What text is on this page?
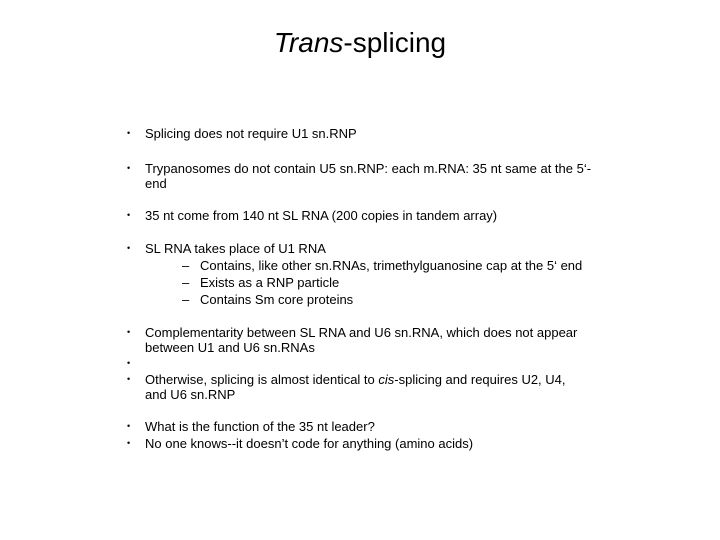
Trans-splicing
•	Splicing does not require U1 sn.RNP
•	Trypanosomes do not contain U5 sn.RNP: each m.RNA: 35 nt same at the 5‘-
end
•	35 nt come from 140 nt SL RNA (200 copies in tandem array)
•	SL RNA takes place of U1 RNA
– Contains, like other sn.RNAs, trimethylguanosine cap at the 5‘ end
– Exists as a RNP particle
– Contains Sm core proteins
•	Complementarity between SL RNA and U6 sn.RNA, which does not appear
between U1 and U6 sn.RNAs
•
•	Otherwise, splicing is almost identical to cis-splicing and requires U2, U4,
and U6 sn.RNP
•	What is the function of the 35 nt leader?
•	No one knows--it doesn’t code for anything (amino acids)
